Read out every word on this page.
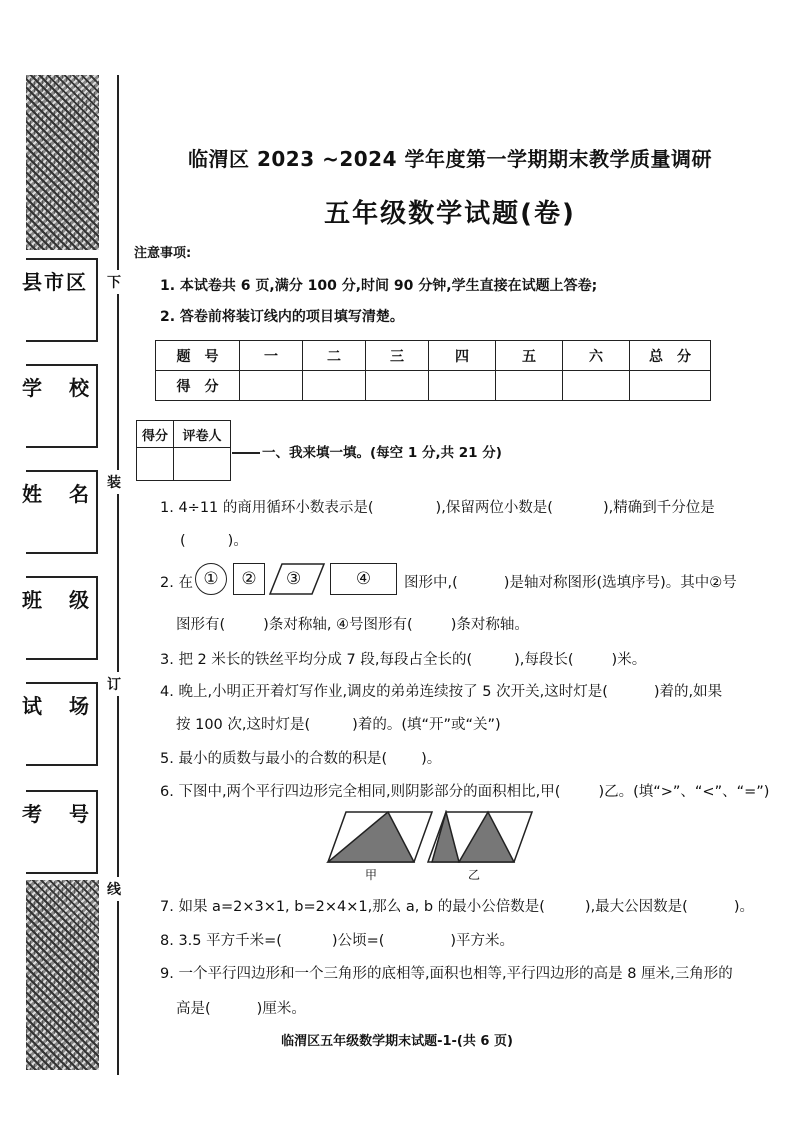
县市区
学 校
姓 名
班 级
试 场
考 号
下
装
订
线
临渭区 2023 ~2024 学年度第一学期期末教学质量调研
五年级数学试题(卷)
注意事项:
1. 本试卷共 6 页,满分 100 分,时间 90 分钟,学生直接在试题上答卷;
2. 答卷前将装订线内的项目填写清楚。
题　号	一	二	三	四	五	六	总　分
得　分							
得分	评卷人

一、我来填一填。(每空 1 分,共 21 分)
1. 4÷11 的商用循环小数表示是(	),保留两位小数是(	),精确到千分位是
(	)。
2. 在 ① ② ③	④ 图形中,(	)是轴对称图形(选填序号)。其中②号
图形有(	)条对称轴, ④号图形有(	)条对称轴。
3. 把 2 米长的铁丝平均分成 7 段,每段占全长的(	),每段长(	)米。
4. 晚上,小明正开着灯写作业,调皮的弟弟连续按了 5 次开关,这时灯是(	)着的,如果
按 100 次,这时灯是(	)着的。(填“开”或“关”)
5. 最小的质数与最小的合数的积是( )。
6. 下图中,两个平行四边形完全相同,则阴影部分的面积相比,甲(	)乙。(填“>”、“<”、“=”)
甲	乙
7. 如果 a=2×3×1, b=2×4×1,那么 a, b 的最小公倍数是(	),最大公因数是(	)。
8. 3.5 平方千米=(	)公顷=(	)平方米。
9. 一个平行四边形和一个三角形的底相等,面积也相等,平行四边形的高是 8 厘米,三角形的
高是(	)厘米。
临渭区五年级数学期末试题-1-(共 6 页)
